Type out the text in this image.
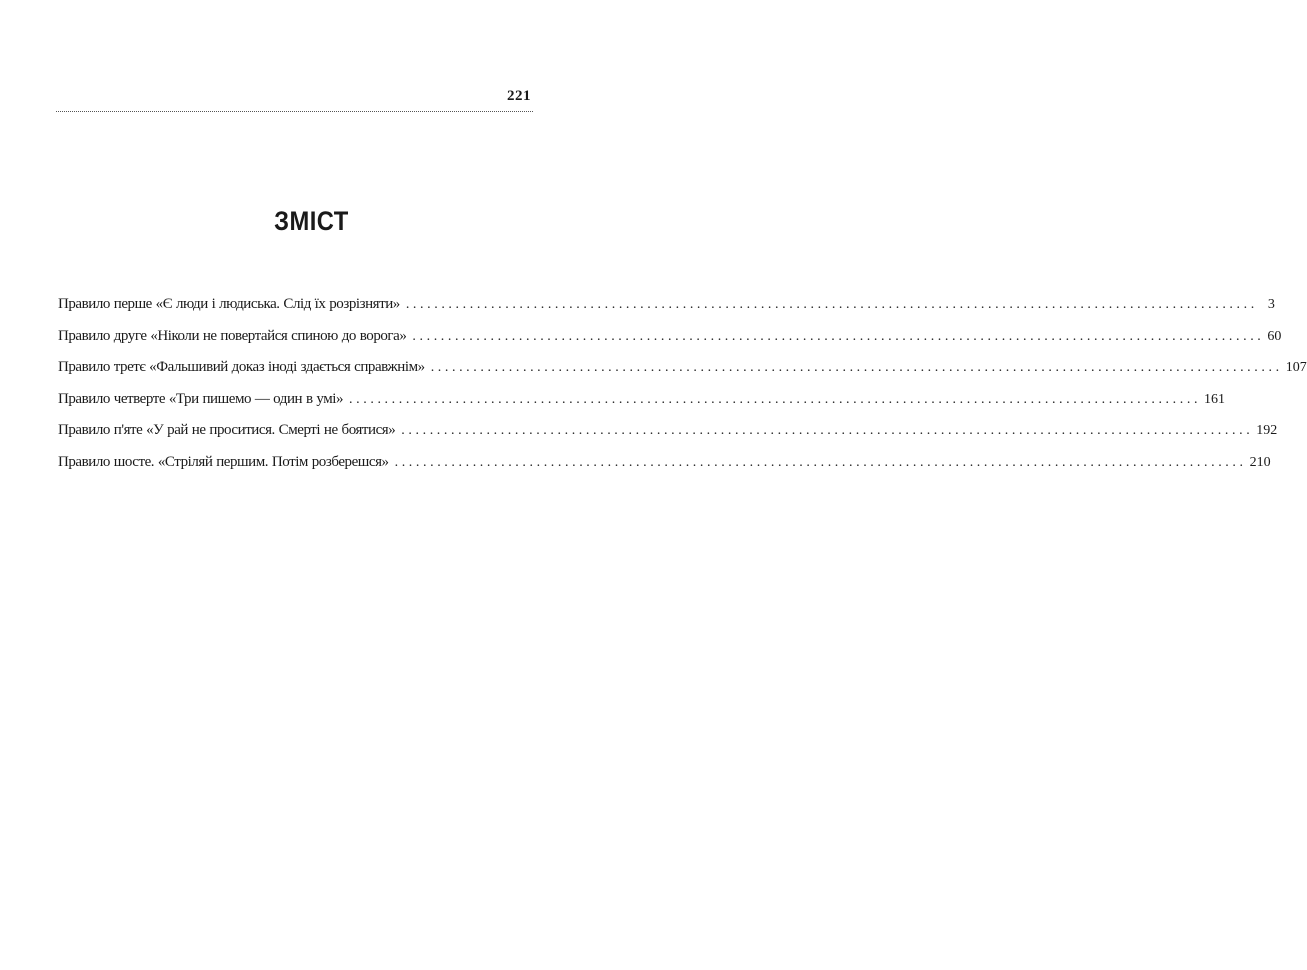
221
ЗМІСТ
Правило перше «Є люди і людиська. Слід їх розрізняти» ........................................................................................................................ 3
Правило друге «Ніколи не повертайся спиною до ворога» ........................................................................................................................ 60
Правило третє «Фальшивий доказ іноді здається справжнім» ........................................................................................................................ 107
Правило четверте «Три пишемо — один в умі» ........................................................................................................................ 161
Правило п'яте «У рай не проситися. Смерті не боятися» ........................................................................................................................ 192
Правило шосте. «Стріляй першим. Потім розберешся» ........................................................................................................................ 210
